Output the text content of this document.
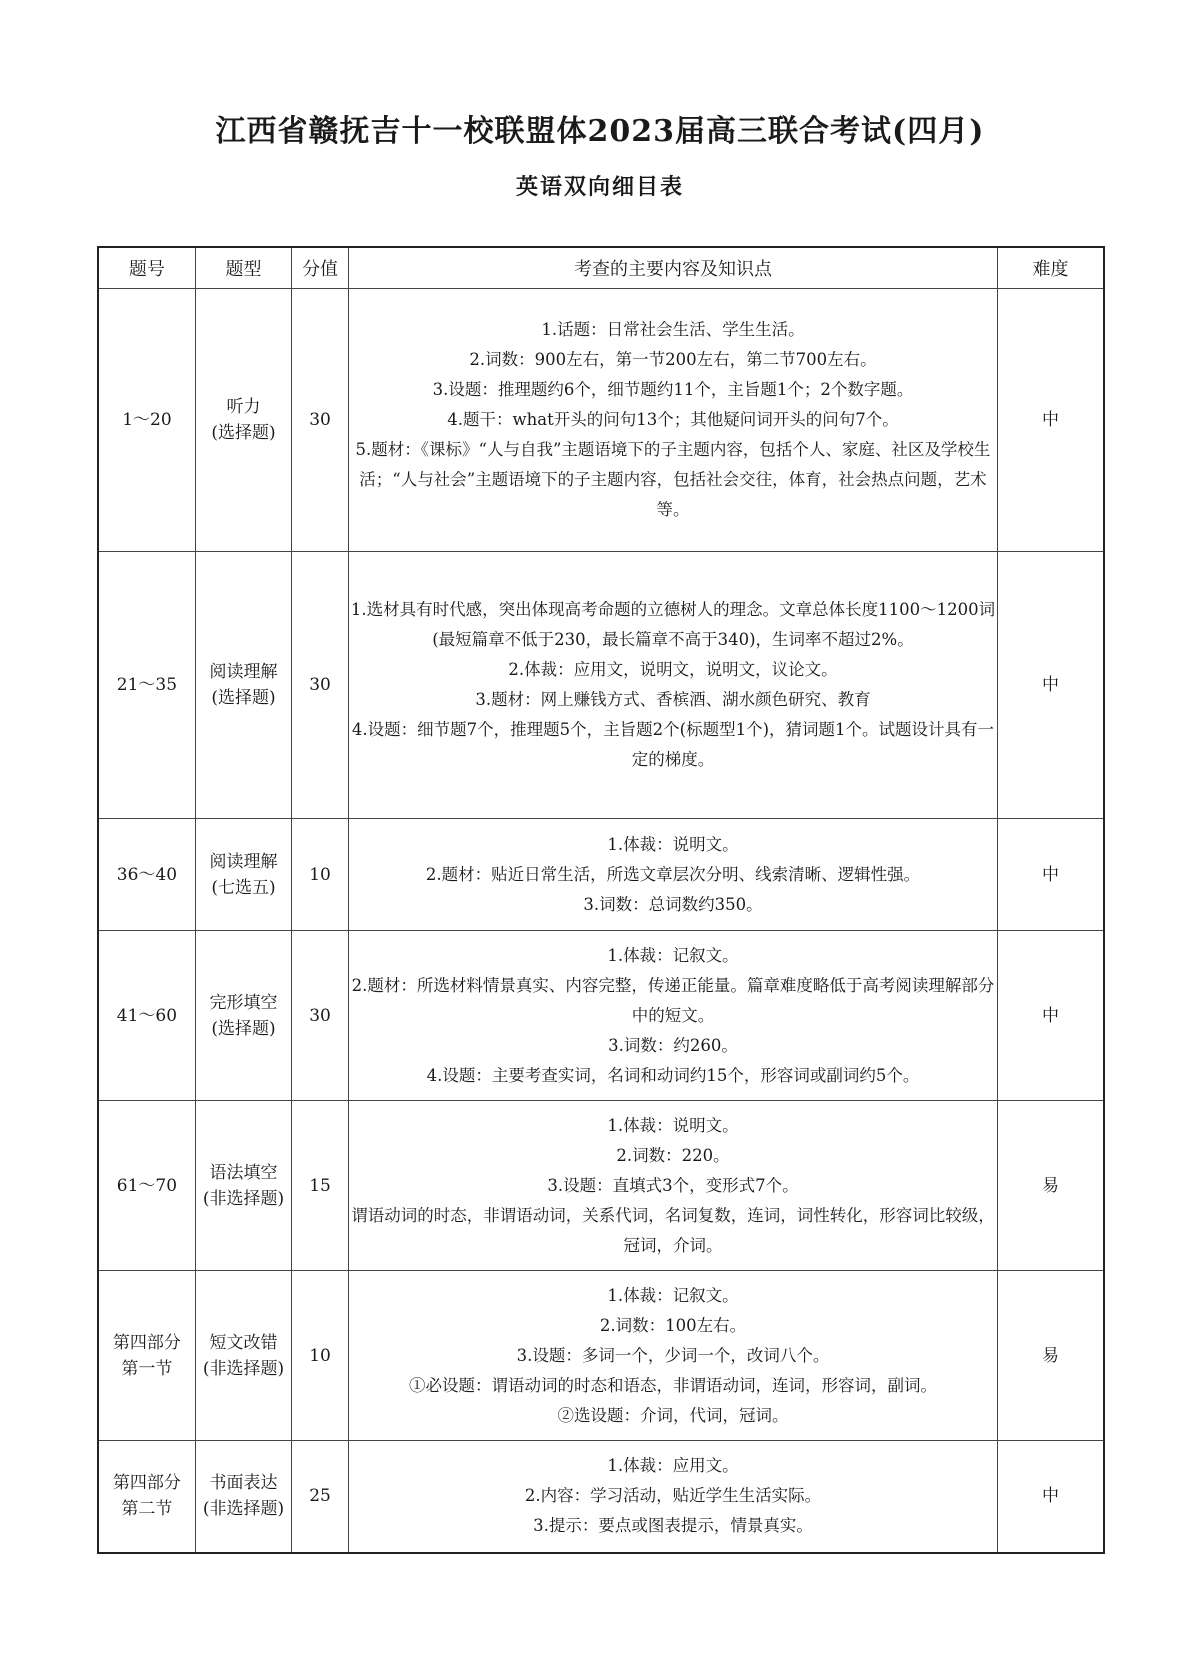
江西省赣抚吉十一校联盟体2023届高三联合考试(四月)
英语双向细目表
题号	题型	分值	考查的主要内容及知识点	难度

1～20	听力
(选择题)	30	1.话题：日常社会生活、学生生活。
2.词数：900左右，第一节200左右，第二节700左右。
3.设题：推理题约6个，细节题约11个，主旨题1个；2个数字题。
4.题干：what开头的问句13个；其他疑问词开头的问句7个。
5.题材：《课标》“人与自我”主题语境下的子主题内容，包括个人、家庭、社区及学校生活；“人与社会”主题语境下的子主题内容，包括社会交往，体育，社会热点问题，艺术等。	中

21～35	阅读理解
(选择题)	30	1.选材具有时代感，突出体现高考命题的立德树人的理念。文章总体长度1100～1200词(最短篇章不低于230，最长篇章不高于340)，生词率不超过2%。
2.体裁：应用文，说明文，说明文，议论文。
3.题材：网上赚钱方式、香槟酒、湖水颜色研究、教育
4.设题：细节题7个，推理题5个，主旨题2个(标题型1个)，猜词题1个。试题设计具有一定的梯度。	中

36～40	阅读理解
(七选五)	10	1.体裁：说明文。
2.题材：贴近日常生活，所选文章层次分明、线索清晰、逻辑性强。
3.词数：总词数约350。	中

41～60	完形填空
(选择题)	30	1.体裁：记叙文。
2.题材：所选材料情景真实、内容完整，传递正能量。篇章难度略低于高考阅读理解部分中的短文。
3.词数：约260。
4.设题：主要考查实词，名词和动词约15个，形容词或副词约5个。	中

61～70	语法填空
(非选择题)	15	1.体裁：说明文。
2.词数：220。
3.设题：直填式3个，变形式7个。
谓语动词的时态，非谓语动词，关系代词，名词复数，连词，词性转化，形容词比较级，冠词，介词。	易

第四部分
第一节	短文改错
(非选择题)	10	1.体裁：记叙文。
2.词数：100左右。
3.设题：多词一个，少词一个，改词八个。
①必设题：谓语动词的时态和语态，非谓语动词，连词，形容词，副词。
②选设题：介词，代词，冠词。	易

第四部分
第二节	书面表达
(非选择题)	25	1.体裁：应用文。
2.内容：学习活动，贴近学生生活实际。
3.提示：要点或图表提示，情景真实。	中
